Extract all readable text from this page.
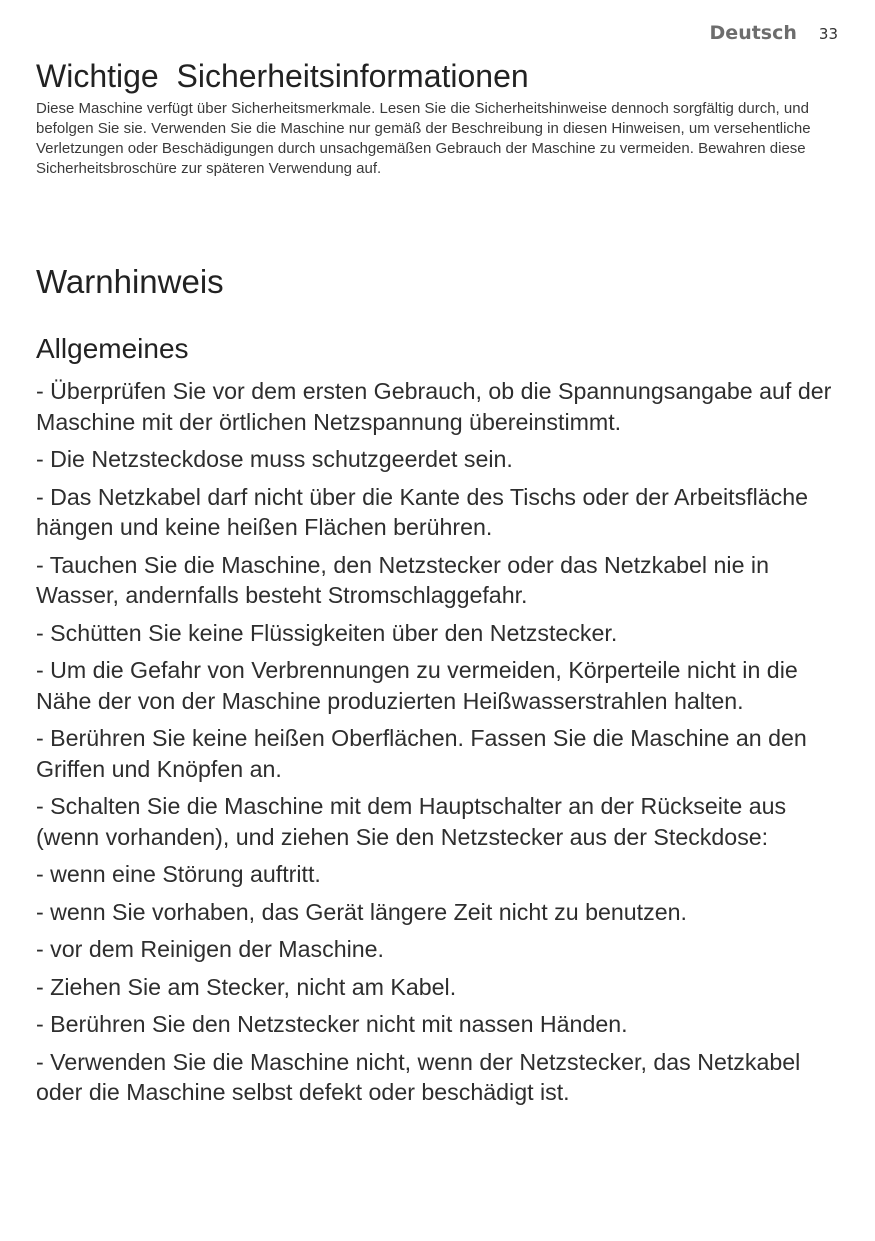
Deutsch 33
Wichtige  Sicherheitsinformationen

Diese Maschine verfügt über Sicherheitsmerkmale. Lesen Sie die Sicherheitshinweise dennoch sorgfältig durch, und befolgen Sie sie. Verwenden Sie die Maschine nur gemäß der Beschreibung in diesen Hinweisen, um versehentliche Verletzungen oder Beschädigungen durch unsachgemäßen Gebrauch der Maschine zu vermeiden. Bewahren diese Sicherheitsbroschüre zur späteren Verwendung auf.

Warnhinweis
Allgemeines
- Überprüfen Sie vor dem ersten Gebrauch, ob die Spannungsangabe auf der Maschine mit der örtlichen Netzspannung übereinstimmt.
- Die Netzsteckdose muss schutzgeerdet sein.
- Das Netzkabel darf nicht über die Kante des Tischs oder der Arbeitsfläche hängen und keine heißen Flächen berühren.
- Tauchen Sie die Maschine, den Netzstecker oder das Netzkabel nie in Wasser, andernfalls besteht Stromschlaggefahr.
- Schütten Sie keine Flüssigkeiten über den Netzstecker.
- Um die Gefahr von Verbrennungen zu vermeiden, Körperteile nicht in die Nähe der von der Maschine produzierten Heißwasserstrahlen halten.
- Berühren Sie keine heißen Oberflächen. Fassen Sie die Maschine an den Griffen und Knöpfen an.
- Schalten Sie die Maschine mit dem Hauptschalter an der Rückseite aus (wenn vorhanden), und ziehen Sie den Netzstecker aus der Steckdose:
- wenn eine Störung auftritt.
- wenn Sie vorhaben, das Gerät längere Zeit nicht zu benutzen.
- vor dem Reinigen der Maschine.
- Ziehen Sie am Stecker, nicht am Kabel.
- Berühren Sie den Netzstecker nicht mit nassen Händen.
- Verwenden Sie die Maschine nicht, wenn der Netzstecker, das Netzkabel oder die Maschine selbst defekt oder beschädigt ist.
